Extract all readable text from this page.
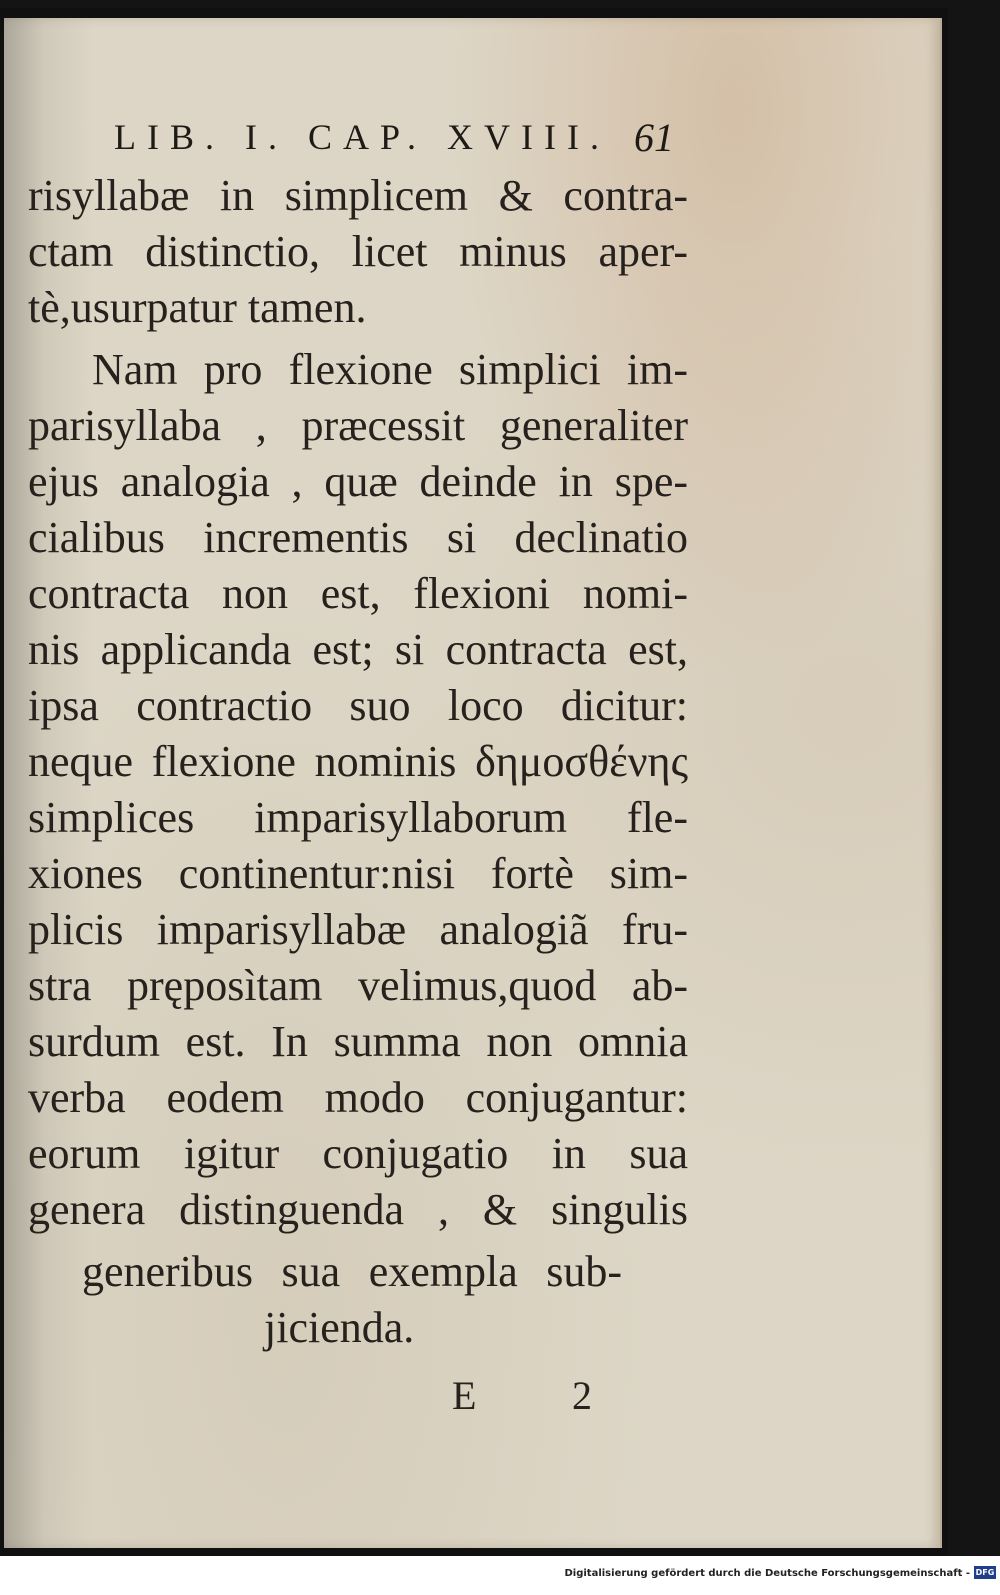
LIB. I. CAP. XVIII. 61
risyllabæ in simplicem & contra-
ctam distinctio, licet minus aper-
tè,usurpatur tamen.
Nam pro flexione simplici im-
parisyllaba , præcessit generaliter
ejus analogia , quæ deinde in spe-
cialibus incrementis si declinatio
contracta non est, flexioni nomi-
nis applicanda est; si contracta est,
ipsa contractio suo loco dicitur:
neque flexione nominis δημοσθένης
simplices imparisyllaborum fle-
xiones continentur:nisi fortè sim-
plicis imparisyllabæ analogiã fru-
stra pręposìtam velimus,quod ab-
surdum est. In summa non omnia
verba eodem modo conjugantur:
eorum igitur conjugatio in sua
genera distinguenda , & singulis
generibus sua exempla sub-
jicienda.
E 2
Digitalisierung gefördert durch die Deutsche Forschungsgemeinschaft - DFG
